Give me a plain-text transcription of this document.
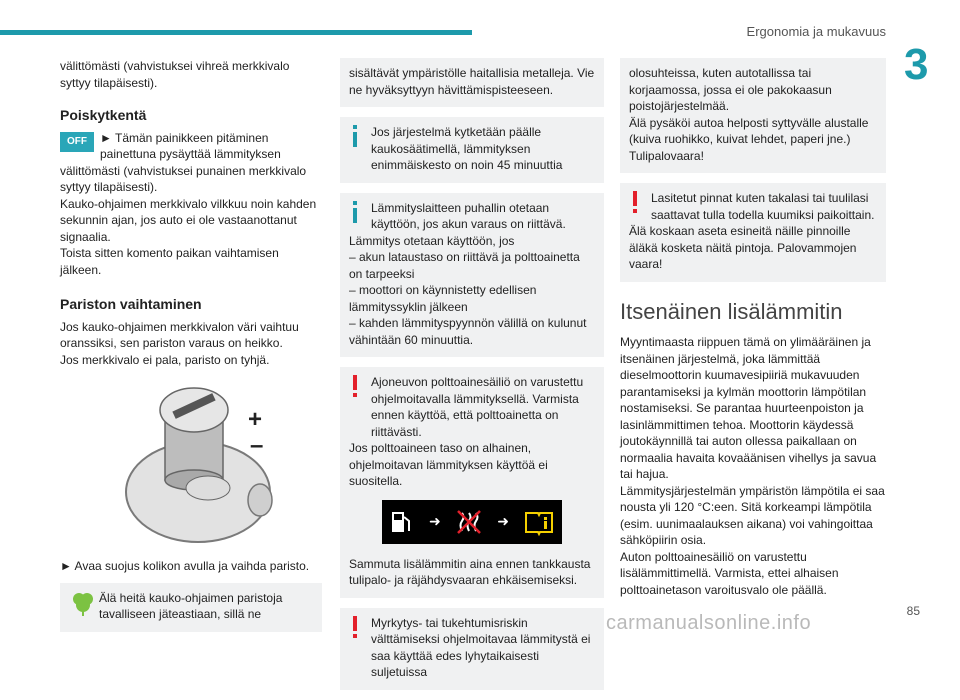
Ergonomia ja mukavuus
3

välittömästi (vahvistuksei vihreä merkkivalo syttyy tilapäisesti).

Poiskytkentä
OFF	► Tämän painikkeen pitäminen painettuna pysäyttää lämmityksen välittömästi (vahvistuksei punainen merkkivalo syttyy tilapäisesti).

Kauko-ohjaimen merkkivalo vilkkuu noin kahden sekunnin ajan, jos auto ei ole vastaanottanut signaalia.

Toista sitten komento paikan vaihtamisen jälkeen.

Pariston vaihtaminen

Jos kauko-ohjaimen merkkivalon väri vaihtuu oranssiksi, sen pariston varaus on heikko.

Jos merkkivalo ei pala, paristo on tyhjä.

+
–

► Avaa suojus kolikon avulla ja vaihda paristo.

Älä heitä kauko-ohjaimen paristoja tavalliseen jäteastiaan, sillä ne

sisältävät ympäristölle haitallisia metalleja. Vie ne hyväksyttyyn hävittämispisteeseen.

Jos järjestelmä kytketään päälle kaukosäätimellä, lämmityksen enimmäiskesto on noin 45 minuuttia

Lämmityslaitteen puhallin otetaan käyttöön, jos akun varaus on riittävä.

Lämmitys otetaan käyttöön, jos

– akun lataustaso on riittävä ja polttoainetta on tarpeeksi

– moottori on käynnistetty edellisen lämmityssyklin jälkeen

– kahden lämmityspyynnön välillä on kulunut vähintään 60 minuuttia.

Ajoneuvon polttoainesäiliö on varustettu ohjelmoitavalla lämmityksellä. Varmista ennen käyttöä, että polttoainetta on riittävästi.

Jos polttoaineen taso on alhainen, ohjelmoitavan lämmityksen käyttöä ei suositella.

➜	➜

Sammuta lisälämmitin aina ennen tankkausta tulipalo- ja räjähdysvaaran ehkäisemiseksi.

Myrkytys- tai tukehtumisriskin välttämiseksi ohjelmoitavaa lämmitystä ei saa käyttää edes lyhytaikaisesti suljetuissa

olosuhteissa, kuten autotallissa tai korjaamossa, jossa ei ole pakokaasun poistojärjestelmää.

Älä pysäköi autoa helposti syttyvälle alustalle (kuiva ruohikko, kuivat lehdet, paperi jne.)

Tulipalovaara!

Lasitetut pinnat kuten takalasi tai tuulilasi saattavat tulla todella kuumiksi paikoittain.

Älä koskaan aseta esineitä näille pinnoille äläkä kosketa näitä pintoja. Palovammojen vaara!

Itsenäinen lisälämmitin

Myyntimaasta riippuen tämä on ylimääräinen ja itsenäinen järjestelmä, joka lämmittää dieselmoottorin kuumavesipiiriä mukavuuden parantamiseksi ja kylmän moottorin lämpötilan nostamiseksi. Se parantaa huurteenpoiston ja lasinlämmittimen tehoa. Moottorin käydessä joutokäynnillä tai auton ollessa paikallaan on normaalia havaita kovaäänisen vihellys ja savua tai hajua.

Lämmitysjärjestelmän ympäristön lämpötila ei saa nousta yli 120 °C:een. Sitä korkeampi lämpötila (esim. uunimaalauksen aikana) voi vahingoittaa sähköpiirin osia.

Auton polttoainesäiliö on varustettu lisälämmittimellä. Varmista, ettei alhaisen polttoainetason varoitusvalo ole päällä.

85
carmanualsonline.info
